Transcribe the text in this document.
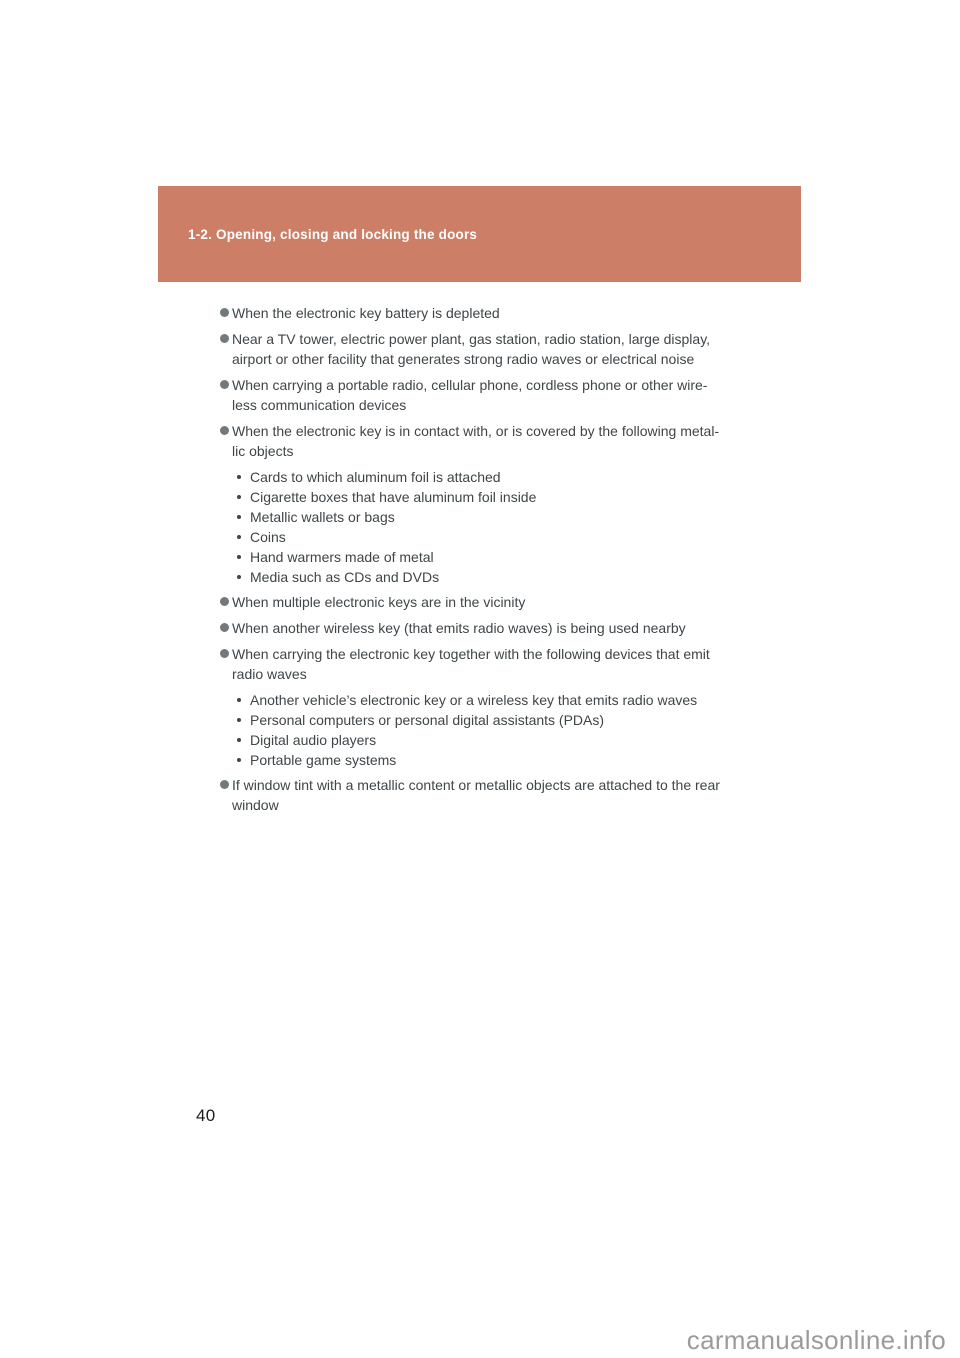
1-2. Opening, closing and locking the doors
When the electronic key battery is depleted
Near a TV tower, electric power plant, gas station, radio station, large display,
airport or other facility that generates strong radio waves or electrical noise
When carrying a portable radio, cellular phone, cordless phone or other wire-
less communication devices
When the electronic key is in contact with, or is covered by the following metal-
lic objects
Cards to which aluminum foil is attached
Cigarette boxes that have aluminum foil inside
Metallic wallets or bags
Coins
Hand warmers made of metal
Media such as CDs and DVDs
When multiple electronic keys are in the vicinity
When another wireless key (that emits radio waves) is being used nearby
When carrying the electronic key together with the following devices that emit
radio waves
Another vehicle’s electronic key or a wireless key that emits radio waves
Personal computers or personal digital assistants (PDAs)
Digital audio players
Portable game systems
If window tint with a metallic content or metallic objects are attached to the rear
window
40
carmanualsonline.info
